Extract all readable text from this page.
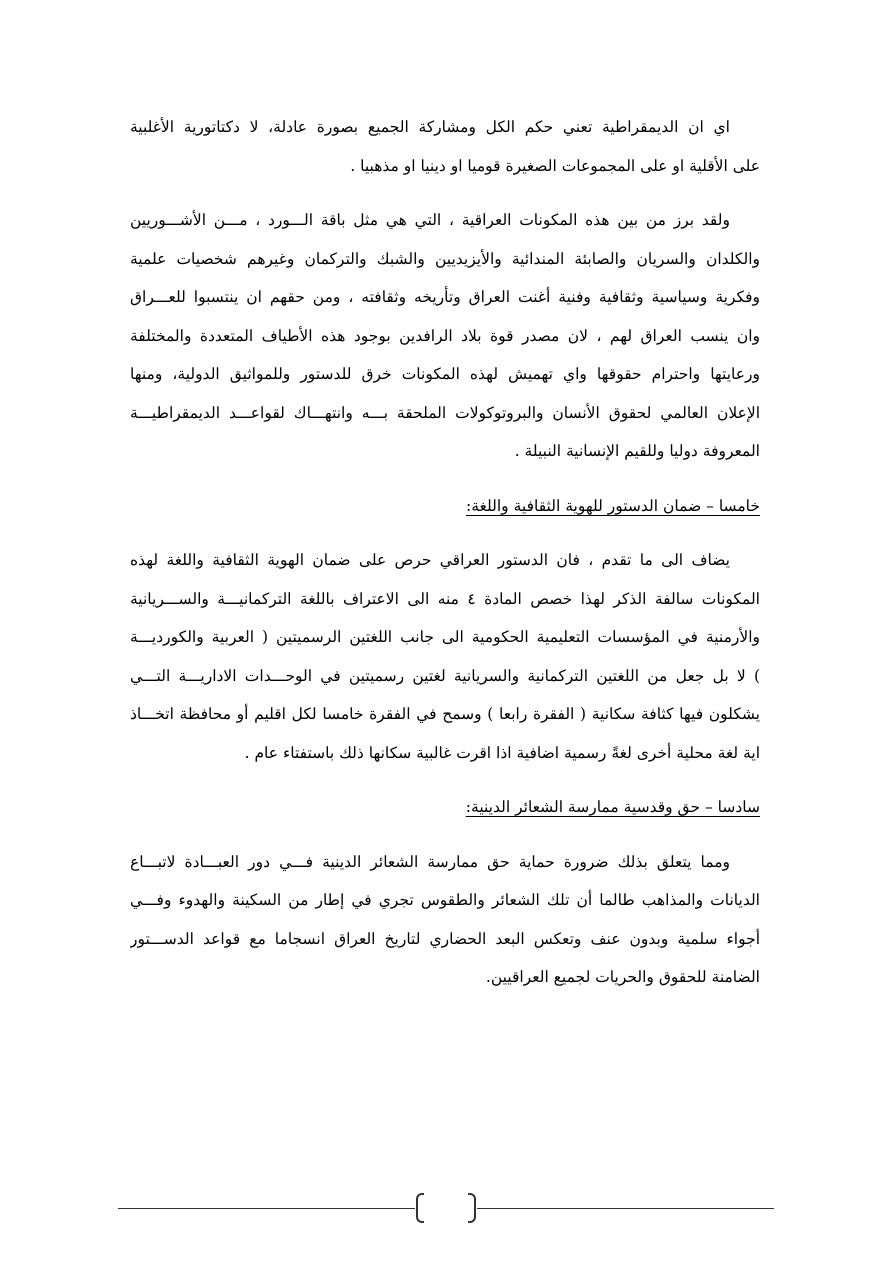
اي ان الديمقراطية تعني حكم الكل ومشاركة الجميع بصورة عادلة، لا دكتاتورية الأغلبية
على الأقلية او على المجموعات الصغيرة قوميا او دينيا او مذهبيا .
ولقد برز من بين هذه المكونات العراقية ، التي هي مثل باقة الـــورد ، مـــن الأشـــوريين
والكلدان والسريان والصابئة المندائية والأيزيديين والشبك والتركمان وغيرهم شخصيات علمية
وفكرية وسياسية وثقافية وفنية أغنت العراق وتأريخه وثقافته ، ومن حقهم ان ينتسبوا للعـــراق
وان ينسب العراق لهم ، لان مصدر قوة بلاد الرافدين بوجود هذه الأطياف المتعددة والمختلفة
ورعايتها واحترام حقوقها واي تهميش لهذه المكونات خرق للدستور وللمواثيق الدولية، ومنها
الإعلان العالمي لحقوق الأنسان والبروتوكولات الملحقة بـــه وانتهـــاك لقواعـــد الديمقراطيـــة
المعروفة دوليا وللقيم الإنسانية النبيلة .
خامسا – ضمان الدستور للهوية الثقافية واللغة:
يضاف الى ما تقدم ، فان الدستور العراقي حرص على ضمان الهوية الثقافية واللغة لهذه
المكونات سالفة الذكر لهذا خصص المادة ٤ منه الى الاعتراف باللغة التركمانيـــة والســـريانية
والأرمنية في المؤسسات التعليمية الحكومية الى جانب اللغتين الرسميتين ( العربية والكورديـــة
) لا بل جعل من اللغتين التركمانية والسريانية لغتين رسميتين في الوحـــدات الاداريـــة التـــي
يشكلون فيها كثافة سكانية ( الفقرة رابعا ) وسمح في الفقرة خامسا لكل اقليم أو محافظة اتخـــاذ
اية لغة محلية أخرى لغةً رسمية اضافية اذا اقرت غالبية سكانها ذلك باستفتاء عام .
سادسا – حق وقدسية ممارسة الشعائر الدينية:
ومما يتعلق بذلك ضرورة حماية حق ممارسة الشعائر الدينية فـــي دور العبـــادة لاتبـــاع
الديانات والمذاهب طالما أن تلك الشعائر والطقوس تجري في إطار من السكينة والهدوء وفـــي
أجواء سلمية وبدون عنف وتعكس البعد الحضاري لتاريخ العراق انسجاما مع قواعد الدســـتور
الضامنة للحقوق والحريات لجميع العراقيين.
